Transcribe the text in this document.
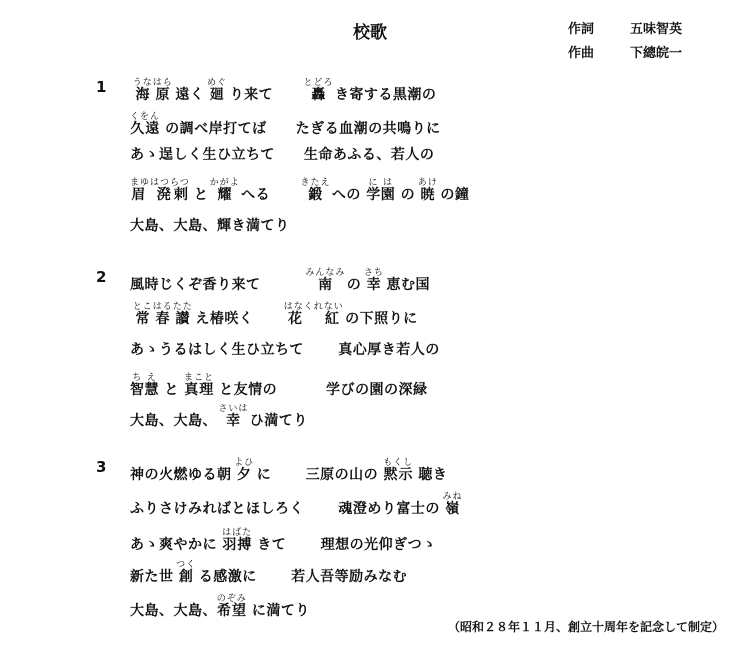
校歌	作詞	五味智英
作曲	下總皖一
1 海原うなはら 遠く 廻めぐ り来て　　 轟とどろ き寄する黒潮の
久遠くをん の調べ岸打てば　　たぎる血潮の共鳴りに
あゝ逞しく生ひ立ちて　　生命あふる、若人の
眉 溌剌まゆはつらつ と 耀かがよ へる　　 鍛きたえ への 学園には の 暁あけ の鐘
大島、大島、輝き満てり
2 風時じくぞ香り来て　　　 南みんなみ の 幸さち 恵む国
常春とこはる 讃たた え椿咲く　　 花 紅はなくれない の下照りに
あゝうるはしく生ひ立ちて　　 真心厚き若人の
智慧ちえ と 真理まこと と友情の　　　 学びの園の深緑
大島、大島、 幸さいは ひ満てり
3 神の火燃ゆる朝 夕よひ に　　 三原の山の 黙示もくし 聴き
ふりさけみればとほしろく　　 魂澄めり富士の 嶺みね
あゝ爽やかに 羽搏はばた きて　　 理想の光仰ぎつゝ
新た世 創つく る感激に　　 若人吾等励みなむ
大島、大島、希望のぞみ に満てり
（昭和２８年１１月、創立十周年を記念して制定）
